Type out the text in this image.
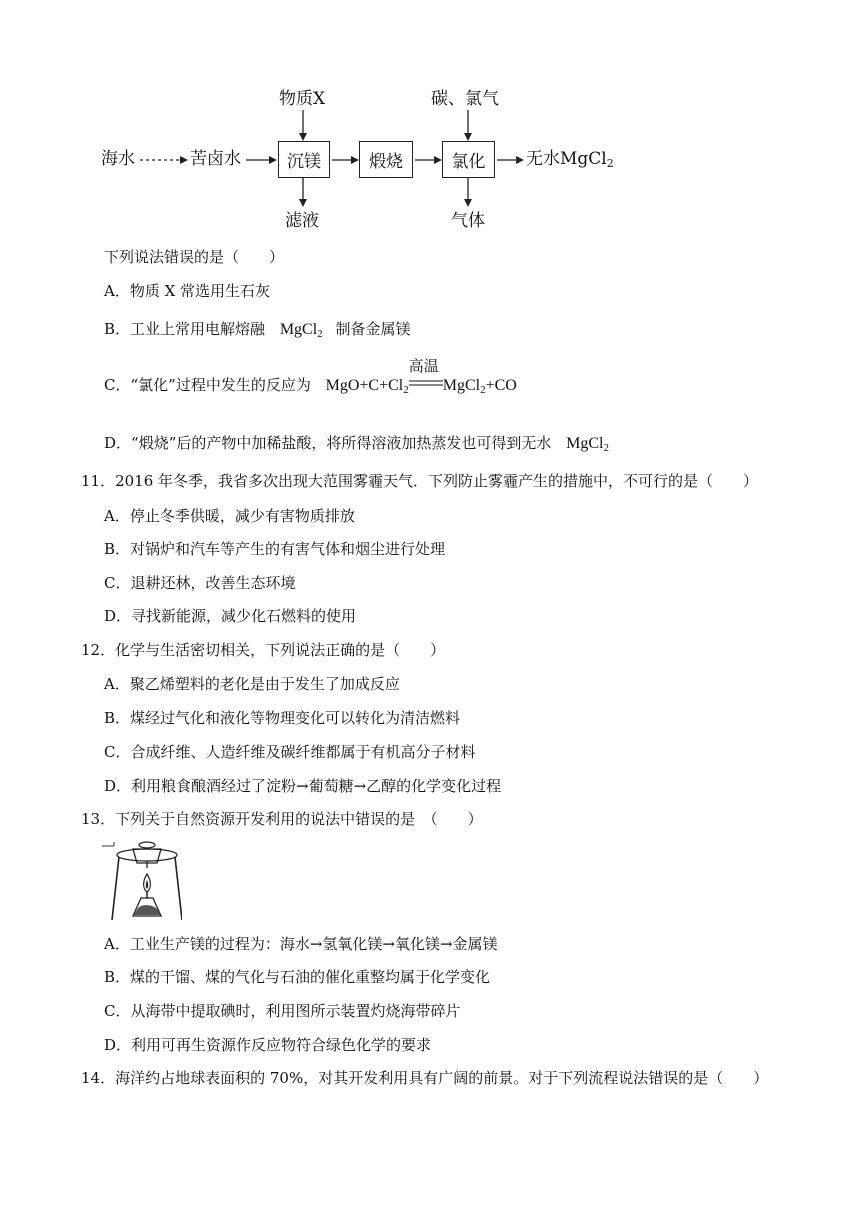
海水	苦卤水
物质X
沉镁
滤液
煅烧
碳、氯气
氯化
气体
无水MgCl$_2$
下列说法错误的是（　　）
A．物质 X 常选用生石灰
B．工业上常用电解熔融 MgCl$_2$ 制备金属镁
C．“氯化”过程中发生的反应为 $MgO+C+Cl_2$
高温
MgCl$_2$+CO
D．“煅烧”后的产物中加稀盐酸，将所得溶液加热蒸发也可得到无水 MgCl$_2$
11．2016 年冬季，我省多次出现大范围雾霾天气．下列防止雾霾产生的措施中，不可行的是（　　）
A．停止冬季供暖，减少有害物质排放
B．对锅炉和汽车等产生的有害气体和烟尘进行处理
C．退耕还林，改善生态环境
D．寻找新能源，减少化石燃料的使用
12．化学与生活密切相关，下列说法正确的是（　　）
A．聚乙烯塑料的老化是由于发生了加成反应
B．煤经过气化和液化等物理变化可以转化为清洁燃料
C．合成纤维、人造纤维及碳纤维都属于有机高分子材料
D．利用粮食酿酒经过了淀粉→葡萄糖→乙醇的化学变化过程
13．下列关于自然资源开发利用的说法中错误的是　（　　）
A．工业生产镁的过程为：海水→氢氧化镁→氧化镁→金属镁
B．煤的干馏、煤的气化与石油的催化重整均属于化学变化
C．从海带中提取碘时，利用图所示装置灼烧海带碎片
D．利用可再生资源作反应物符合绿色化学的要求
14．海洋约占地球表面积的 70%，对其开发利用具有广阔的前景。对于下列流程说法错误的是（　　）
